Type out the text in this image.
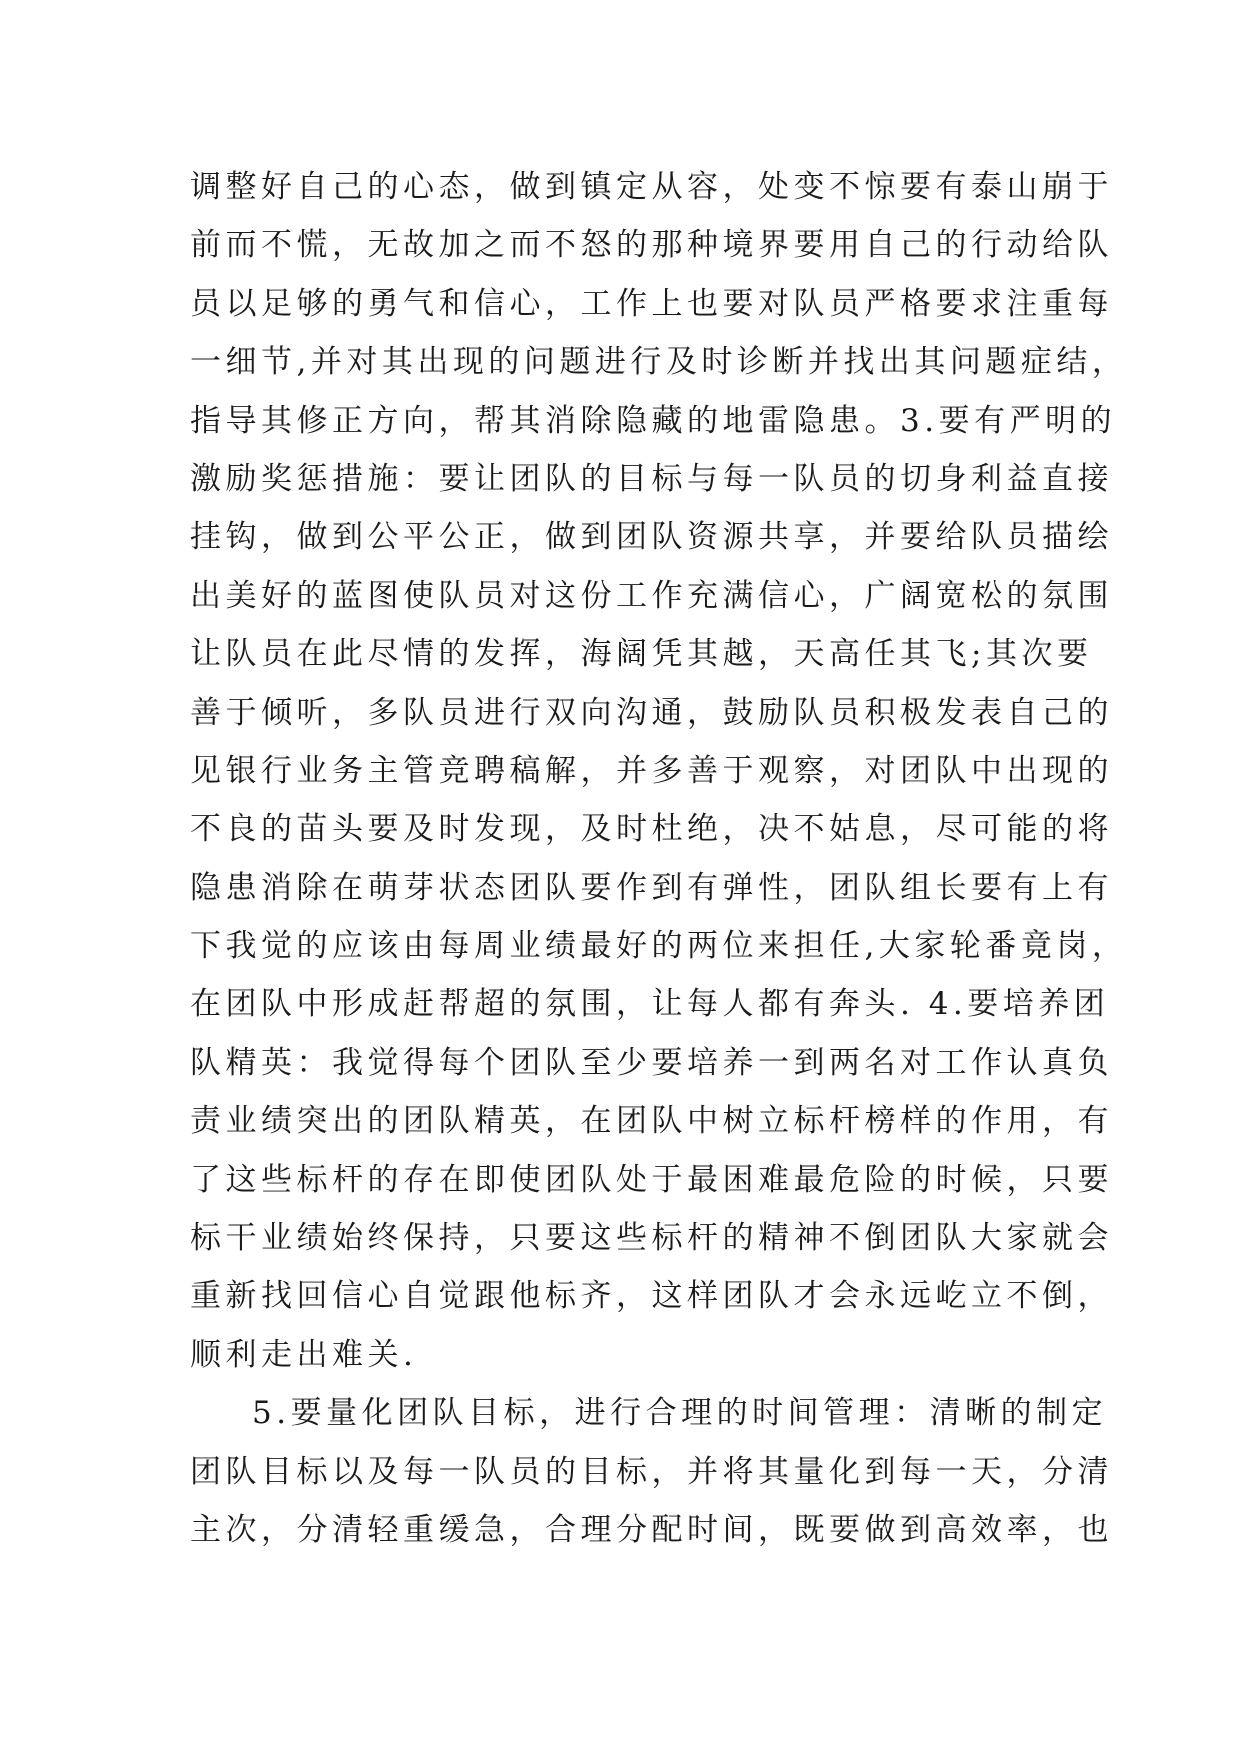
调整好自己的心态，做到镇定从容，处变不惊要有泰山崩于
前而不慌，无故加之而不怒的那种境界要用自己的行动给队
员以足够的勇气和信心，工作上也要对队员严格要求注重每
一细节,并对其出现的问题进行及时诊断并找出其问题症结，
指导其修正方向，帮其消除隐藏的地雷隐患。3.要有严明的
激励奖惩措施：要让团队的目标与每一队员的切身利益直接
挂钩，做到公平公正，做到团队资源共享，并要给队员描绘
出美好的蓝图使队员对这份工作充满信心，广阔宽松的氛围
让队员在此尽情的发挥，海阔凭其越，天高任其飞;其次要
善于倾听，多队员进行双向沟通，鼓励队员积极发表自己的
见银行业务主管竞聘稿解，并多善于观察，对团队中出现的
不良的苗头要及时发现，及时杜绝，决不姑息，尽可能的将
隐患消除在萌芽状态团队要作到有弹性，团队组长要有上有
下我觉的应该由每周业绩最好的两位来担任,大家轮番竟岗，
在团队中形成赶帮超的氛围，让每人都有奔头. 4.要培养团
队精英：我觉得每个团队至少要培养一到两名对工作认真负
责业绩突出的团队精英，在团队中树立标杆榜样的作用，有
了这些标杆的存在即使团队处于最困难最危险的时候，只要
标干业绩始终保持，只要这些标杆的精神不倒团队大家就会
重新找回信心自觉跟他标齐，这样团队才会永远屹立不倒，
顺利走出难关.
5.要量化团队目标，进行合理的时间管理：清晰的制定
团队目标以及每一队员的目标，并将其量化到每一天，分清
主次，分清轻重缓急，合理分配时间，既要做到高效率，也
